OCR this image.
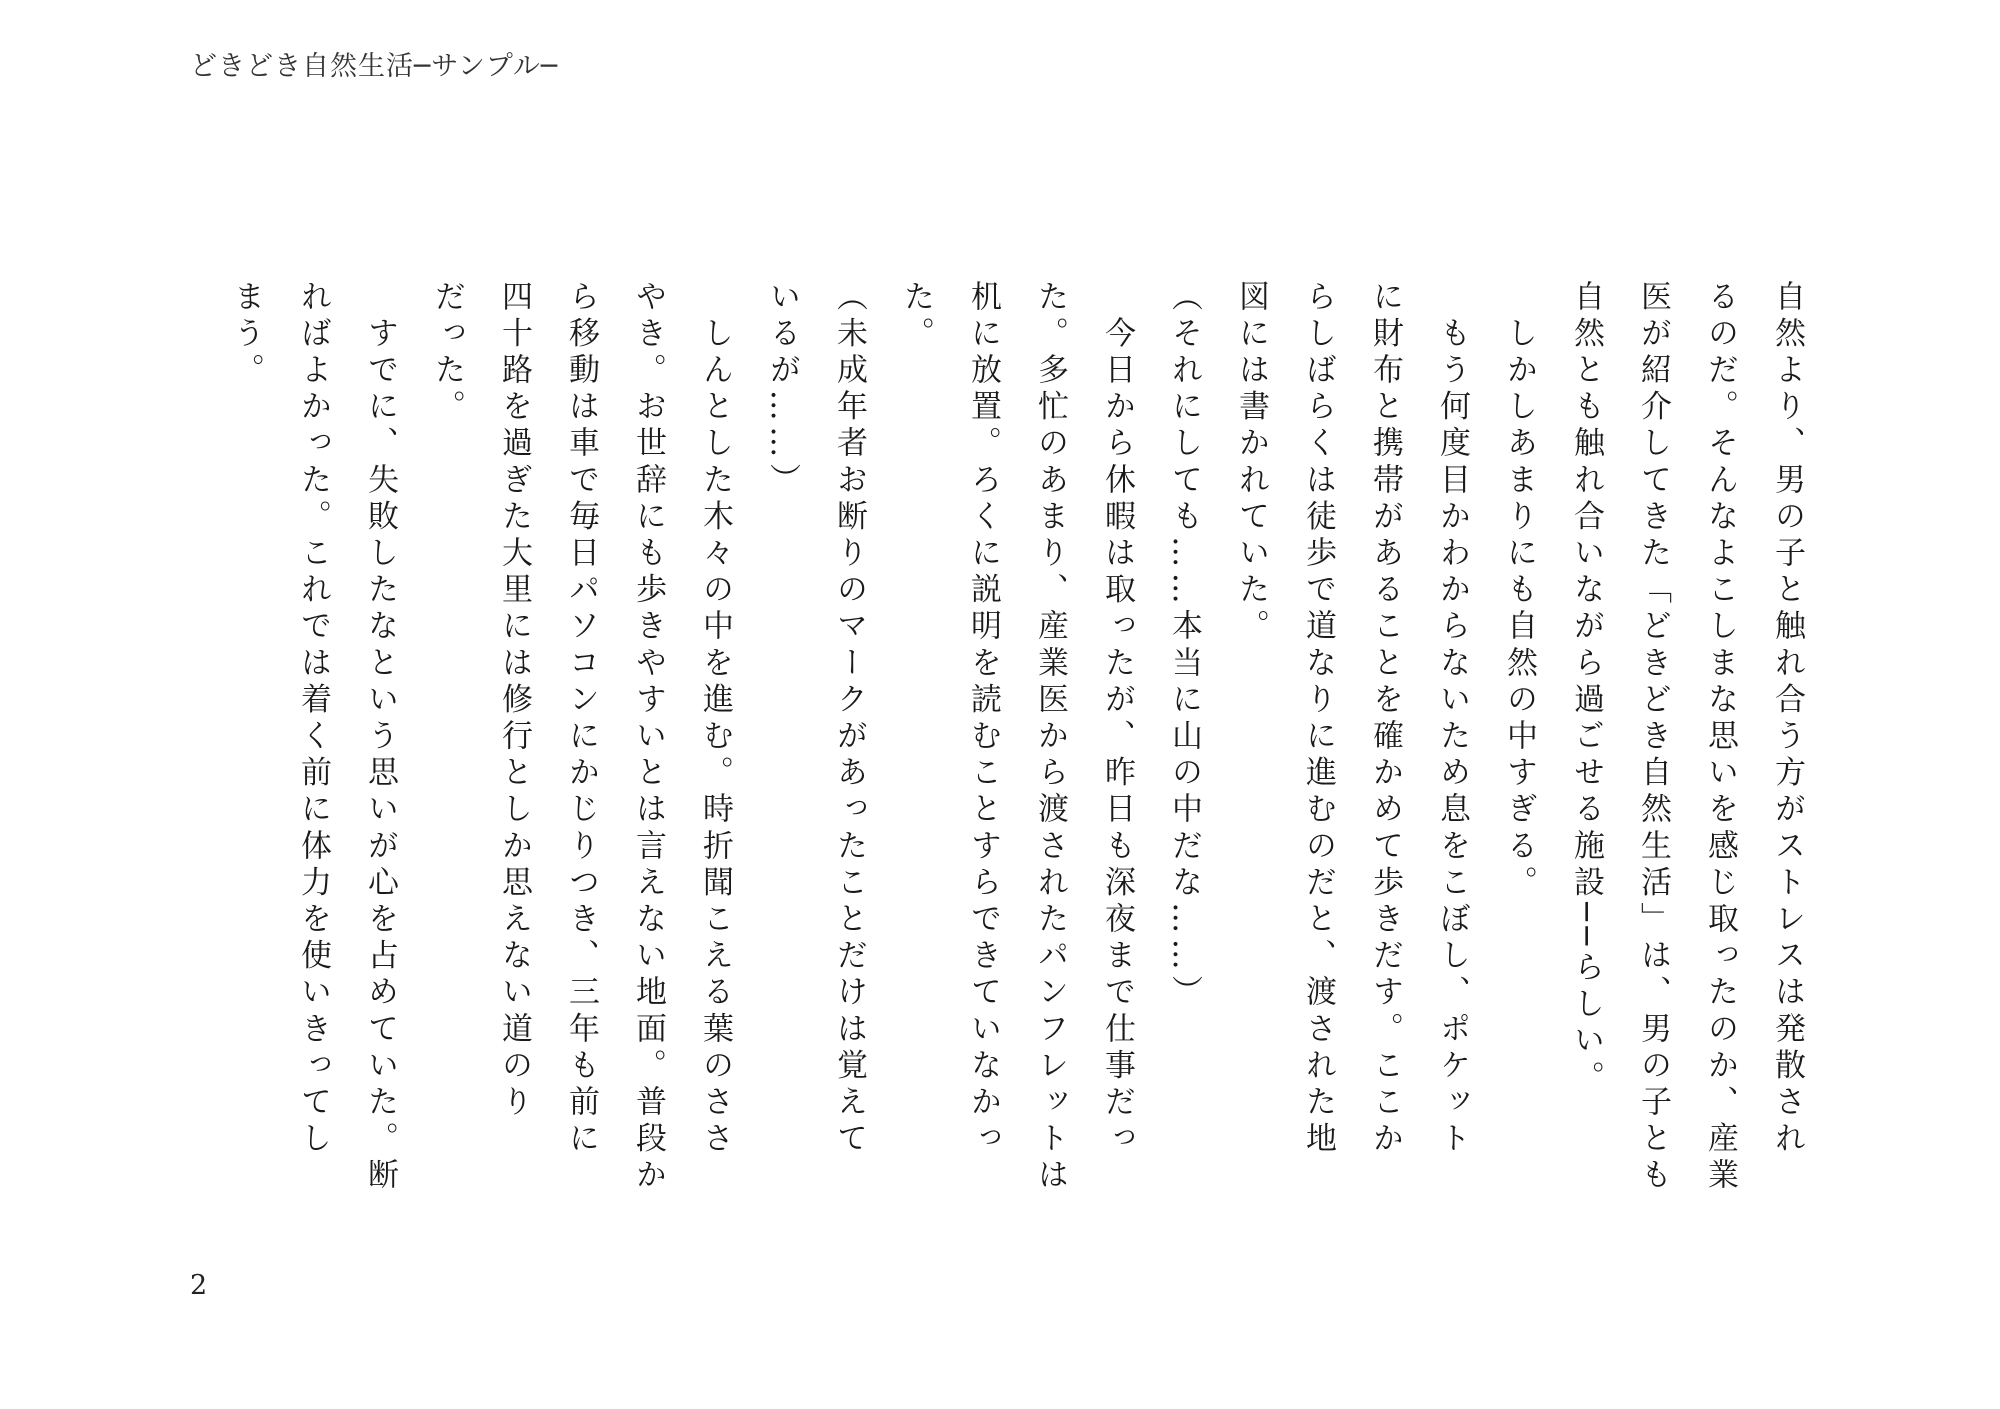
どきどき自然生活─サンプル─

自然より、男の子と触れ合う方がストレスは発散され

るのだ。そんなよこしまな思いを感じ取ったのか、産業

医が紹介してきた「どきどき自然生活」は、男の子とも

自然とも触れ合いながら過ごせる施設──らしい。

　しかしあまりにも自然の中すぎる。

　もう何度目かわからないため息をこぼし、ポケット

に財布と携帯があることを確かめて歩きだす。ここか

らしばらくは徒歩で道なりに進むのだと、渡された地

図には書かれていた。

（それにしても……本当に山の中だな……）

　今日から休暇は取ったが、昨日も深夜まで仕事だっ

た。多忙のあまり、産業医から渡されたパンフレットは

机に放置。ろくに説明を読むことすらできていなかっ

た。

（未成年者お断りのマークがあったことだけは覚えて

いるが……）

　しんとした木々の中を進む。時折聞こえる葉のささ

やき。お世辞にも歩きやすいとは言えない地面。普段か

ら移動は車で毎日パソコンにかじりつき、三年も前に

四十路を過ぎた大里には修行としか思えない道のり

だった。

　すでに、失敗したなという思いが心を占めていた。断

ればよかった。これでは着く前に体力を使いきってし

まう。

2
